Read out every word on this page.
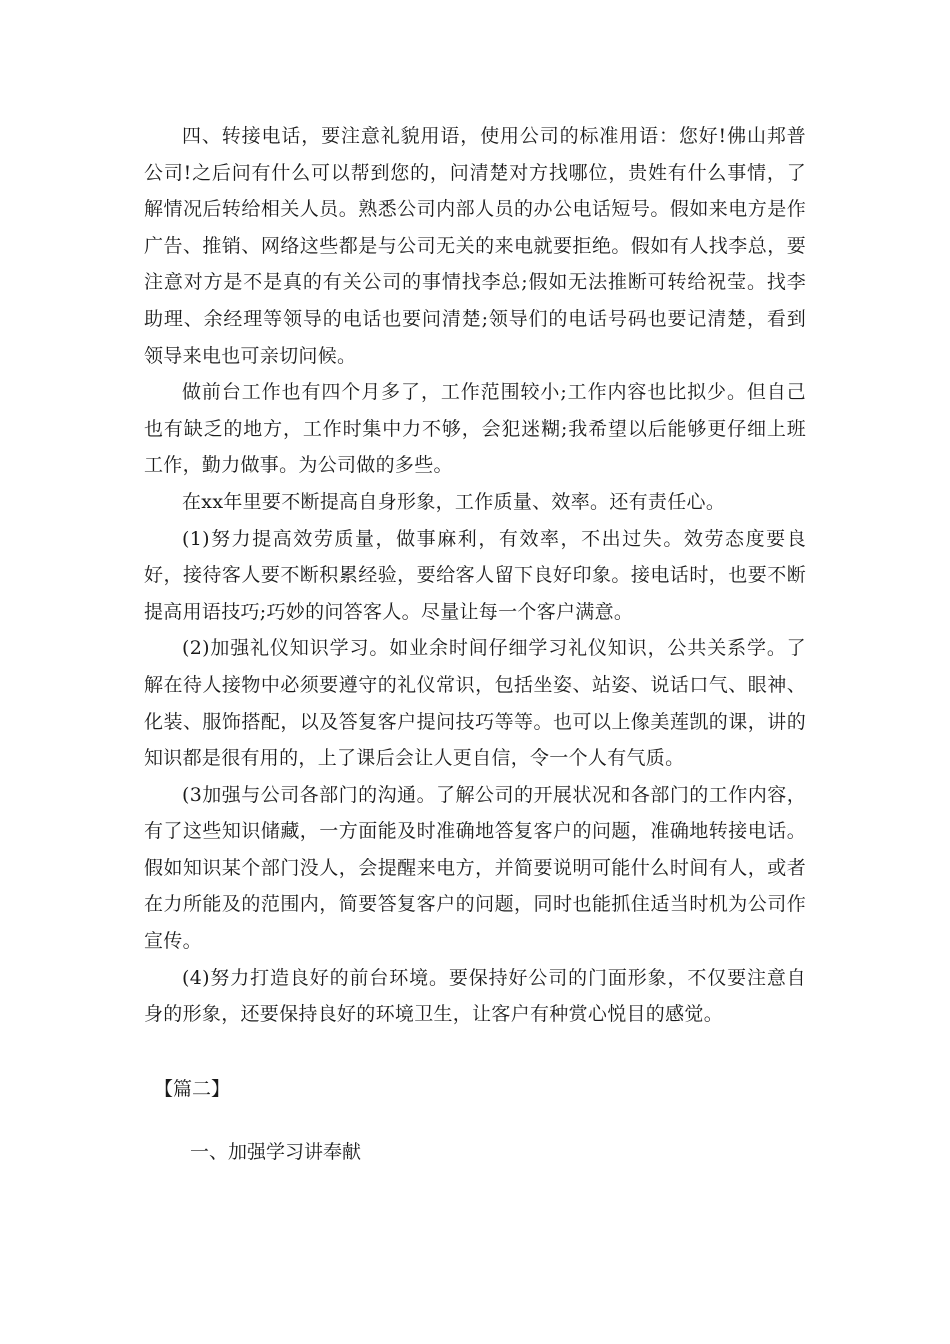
四、转接电话，要注意礼貌用语，使用公司的标准用语：您好!佛山邦普公司!之后问有什么可以帮到您的，问清楚对方找哪位，贵姓有什么事情，了解情况后转给相关人员。熟悉公司内部人员的办公电话短号。假如来电方是作广告、推销、网络这些都是与公司无关的来电就要拒绝。假如有人找李总，要注意对方是不是真的有关公司的事情找李总;假如无法推断可转给祝莹。找李助理、余经理等领导的电话也要问清楚;领导们的电话号码也要记清楚，看到领导来电也可亲切问候。

做前台工作也有四个月多了，工作范围较小;工作内容也比拟少。但自己也有缺乏的地方，工作时集中力不够，会犯迷糊;我希望以后能够更仔细上班工作，勤力做事。为公司做的多些。

在xx年里要不断提高自身形象，工作质量、效率。还有责任心。

(1)努力提高效劳质量，做事麻利，有效率，不出过失。效劳态度要良好，接待客人要不断积累经验，要给客人留下良好印象。接电话时，也要不断提高用语技巧;巧妙的问答客人。尽量让每一个客户满意。

(2)加强礼仪知识学习。如业余时间仔细学习礼仪知识，公共关系学。了解在待人接物中必须要遵守的礼仪常识，包括坐姿、站姿、说话口气、眼神、化装、服饰搭配，以及答复客户提问技巧等等。也可以上像美莲凯的课，讲的知识都是很有用的，上了课后会让人更自信，令一个人有气质。

(3加强与公司各部门的沟通。了解公司的开展状况和各部门的工作内容，有了这些知识储藏，一方面能及时准确地答复客户的问题，准确地转接电话。假如知识某个部门没人，会提醒来电方，并简要说明可能什么时间有人，或者在力所能及的范围内，简要答复客户的问题，同时也能抓住适当时机为公司作宣传。

(4)努力打造良好的前台环境。要保持好公司的门面形象，不仅要注意自身的形象，还要保持良好的环境卫生，让客户有种赏心悦目的感觉。

【篇二】
一、加强学习讲奉献
